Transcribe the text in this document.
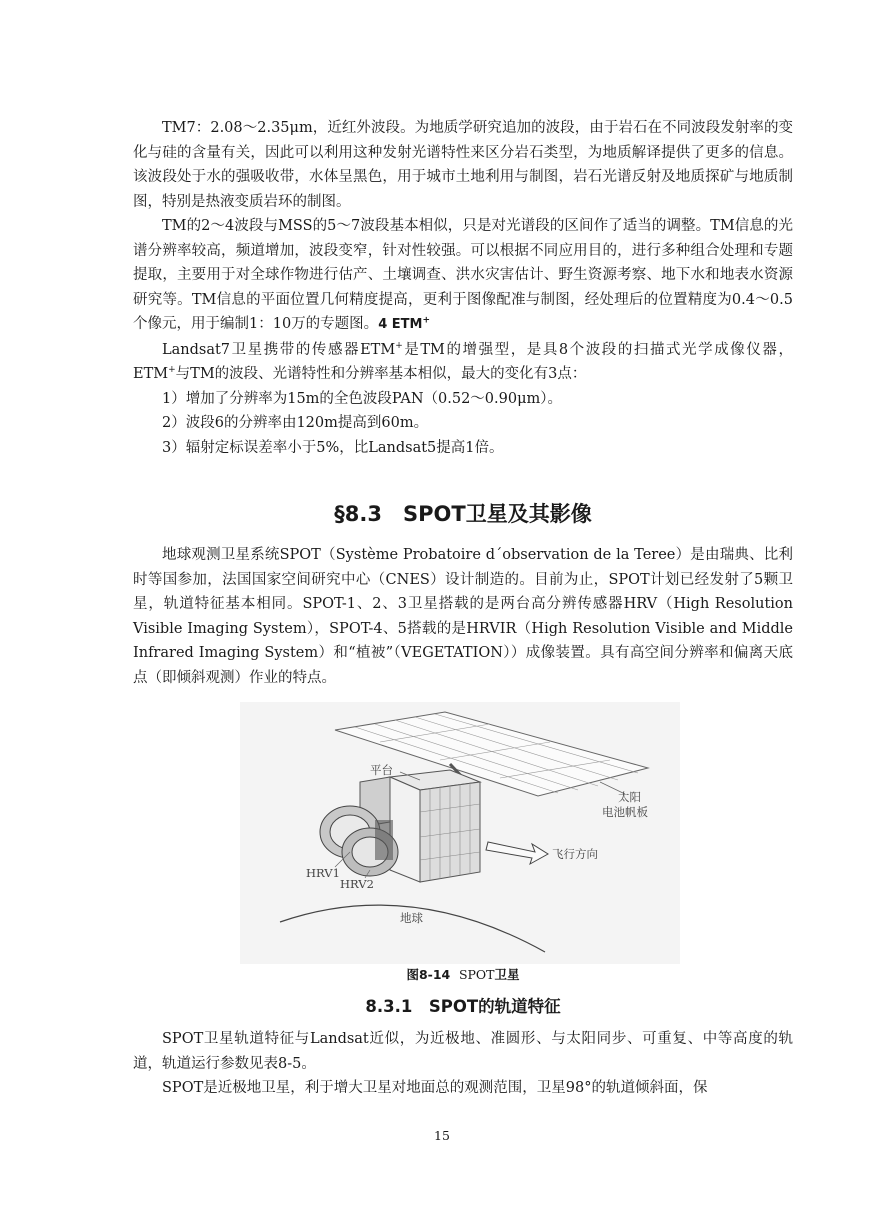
TM7：2.08～2.35μm，近红外波段。为地质学研究追加的波段，由于岩石在不同波段发射率的变化与硅的含量有关，因此可以利用这种发射光谱特性来区分岩石类型，为地质解译提供了更多的信息。该波段处于水的强吸收带，水体呈黑色，用于城市土地利用与制图，岩石光谱反射及地质探矿与地质制图，特别是热液变质岩环的制图。

TM的2～4波段与MSS的5～7波段基本相似，只是对光谱段的区间作了适当的调整。TM信息的光谱分辨率较高，频道增加，波段变窄，针对性较强。可以根据不同应用目的，进行多种组合处理和专题提取，主要用于对全球作物进行估产、土壤调查、洪水灾害估计、野生资源考察、地下水和地表水资源研究等。TM信息的平面位置几何精度提高，更利于图像配准与制图，经处理后的位置精度为0.4～0.5个像元，用于编制1：10万的专题图。4 ETM+

Landsat7卫星携带的传感器ETM+是TM的增强型，是具8个波段的扫描式光学成像仪器，ETM+与TM的波段、光谱特性和分辨率基本相似，最大的变化有3点：

1）增加了分辨率为15m的全色波段PAN（0.52～0.90μm）。

2）波段6的分辨率由120m提高到60m。

3）辐射定标误差率小于5%，比Landsat5提高1倍。

§8.3　SPOT卫星及其影像

地球观测卫星系统SPOT（Système Probatoire d´observation de la Teree）是由瑞典、比利时等国参加，法国国家空间研究中心（CNES）设计制造的。目前为止，SPOT计划已经发射了5颗卫星，轨道特征基本相同。SPOT-1、2、3卫星搭载的是两台高分辨传感器HRV（High Resolution Visible Imaging System），SPOT-4、5搭载的是HRVIR（High Resolution Visible and Middle Infrared Imaging System）和“植被”（VEGETATION））成像装置。具有高空间分辨率和偏离天底点（即倾斜观测）作业的特点。

平台
太阳
电池帆板
飞行方向
HRV1
HRV2
地球
图8-14 SPOT卫星
8.3.1　SPOT的轨道特征

SPOT卫星轨道特征与Landsat近似，为近极地、准圆形、与太阳同步、可重复、中等高度的轨道，轨道运行参数见表8-5。

SPOT是近极地卫星，利于增大卫星对地面总的观测范围，卫星98°的轨道倾斜面，保

15
